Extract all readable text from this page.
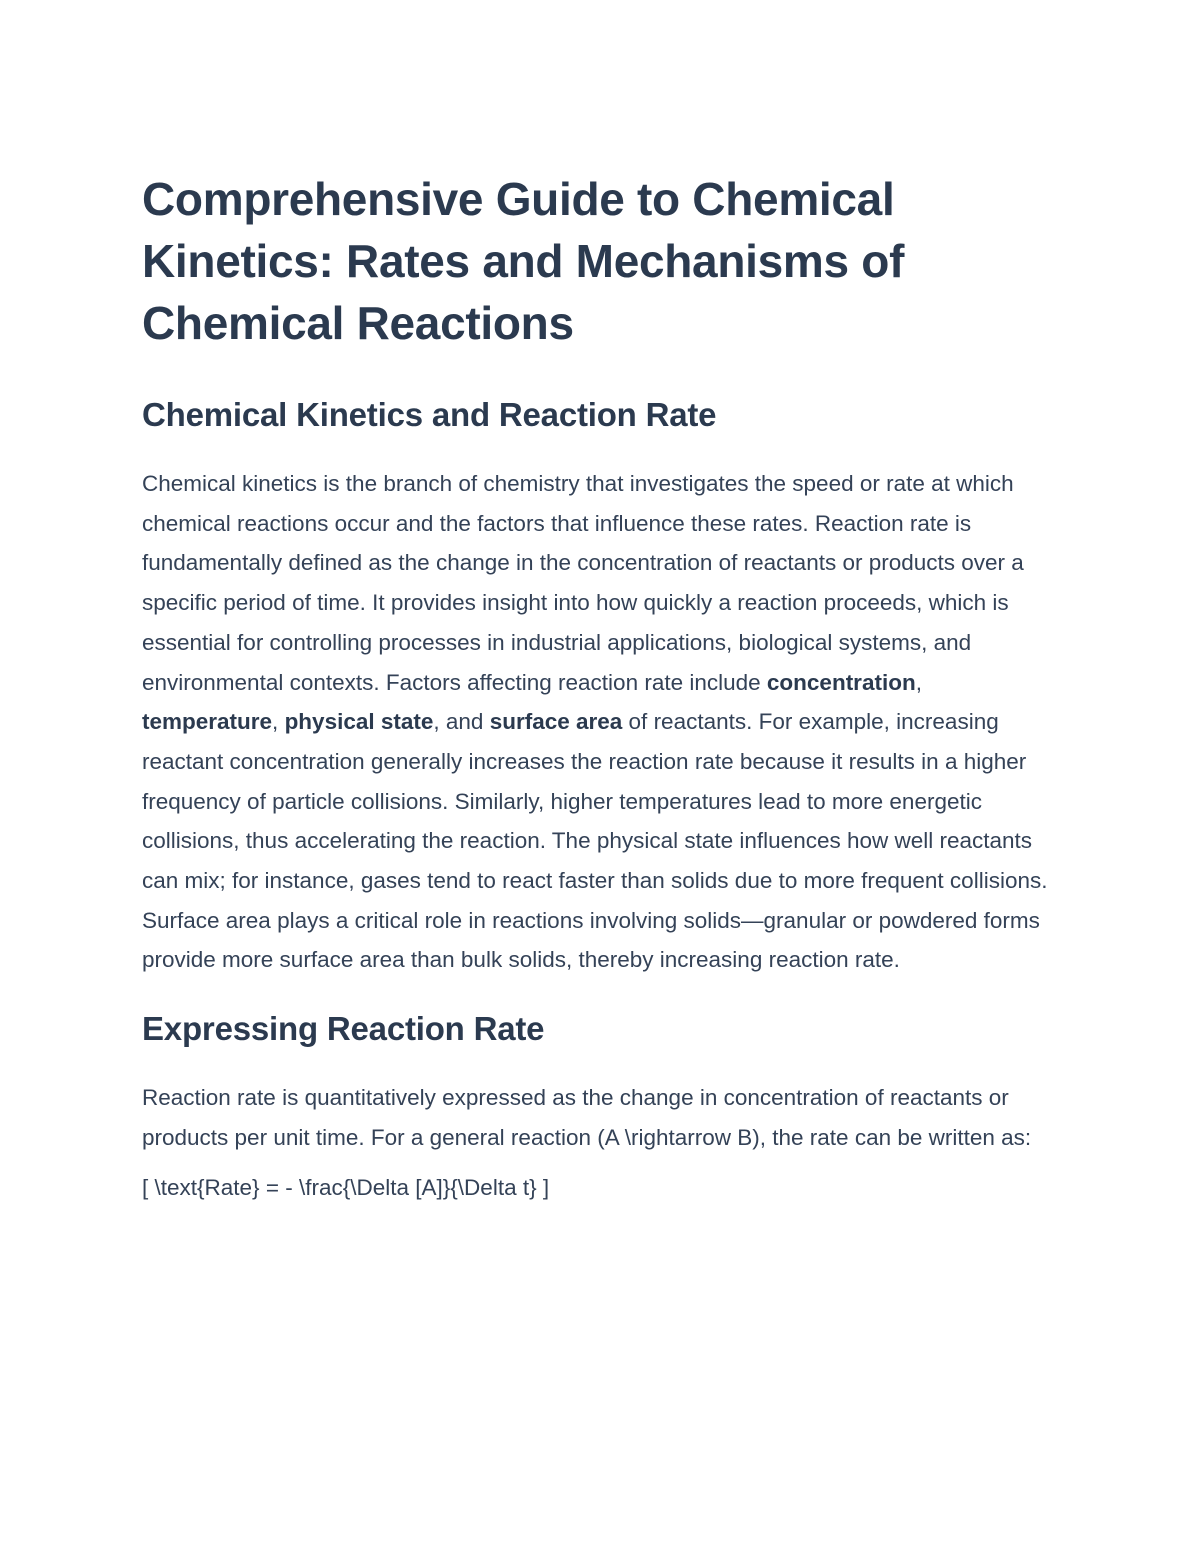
Comprehensive Guide to Chemical Kinetics: Rates and Mechanisms of Chemical Reactions
Chemical Kinetics and Reaction Rate

Chemical kinetics is the branch of chemistry that investigates the speed or rate at which chemical reactions occur and the factors that influence these rates. Reaction rate is fundamentally defined as the change in the concentration of reactants or products over a specific period of time. It provides insight into how quickly a reaction proceeds, which is essential for controlling processes in industrial applications, biological systems, and environmental contexts. Factors affecting reaction rate include concentration, temperature, physical state, and surface area of reactants. For example, increasing reactant concentration generally increases the reaction rate because it results in a higher frequency of particle collisions. Similarly, higher temperatures lead to more energetic collisions, thus accelerating the reaction. The physical state influences how well reactants can mix; for instance, gases tend to react faster than solids due to more frequent collisions. Surface area plays a critical role in reactions involving solids—granular or powdered forms provide more surface area than bulk solids, thereby increasing reaction rate.

Expressing Reaction Rate

Reaction rate is quantitatively expressed as the change in concentration of reactants or products per unit time. For a general reaction (A \rightarrow B), the rate can be written as:

[ \text{Rate} = - \frac{\Delta [A]}{\Delta t} ]
